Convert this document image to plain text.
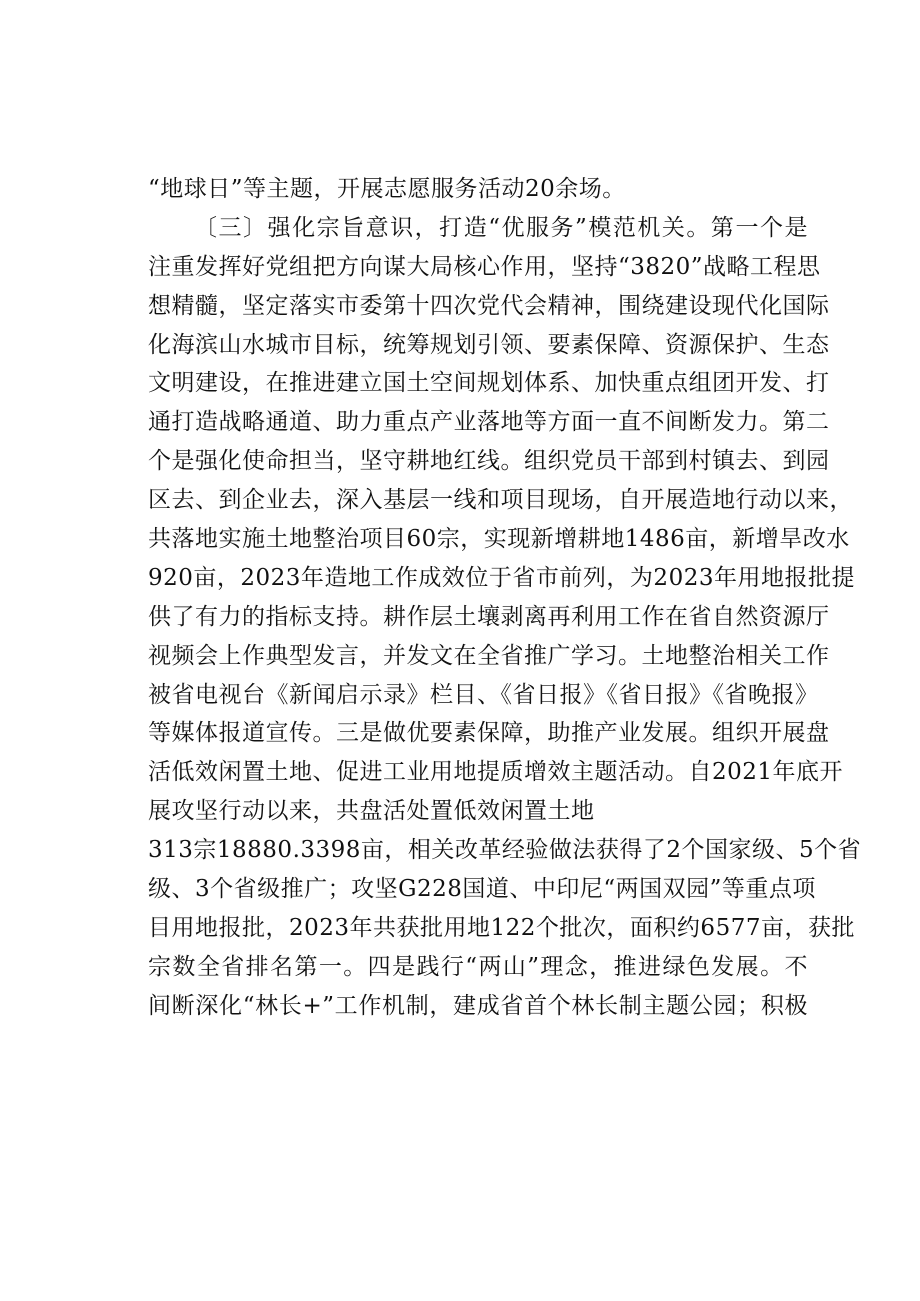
“地球日”等主题，开展志愿服务活动20余场。
〔三〕强化宗旨意识，打造“优服务”模范机关。第一个是
注重发挥好党组把方向谋大局核心作用，坚持“3820”战略工程思
想精髓，坚定落实市委第十四次党代会精神，围绕建设现代化国际
化海滨山水城市目标，统筹规划引领、要素保障、资源保护、生态
文明建设，在推进建立国土空间规划体系、加快重点组团开发、打
通打造战略通道、助力重点产业落地等方面一直不间断发力。第二
个是强化使命担当，坚守耕地红线。组织党员干部到村镇去、到园
区去、到企业去，深入基层一线和项目现场，自开展造地行动以来，
共落地实施土地整治项目60宗，实现新增耕地1486亩，新增旱改水
920亩，2023年造地工作成效位于省市前列，为2023年用地报批提
供了有力的指标支持。耕作层土壤剥离再利用工作在省自然资源厅
视频会上作典型发言，并发文在全省推广学习。土地整治相关工作
被省电视台《新闻启示录》栏目、《省日报》《省日报》《省晚报》
等媒体报道宣传。三是做优要素保障，助推产业发展。组织开展盘
活低效闲置土地、促进工业用地提质增效主题活动。自2021年底开
展攻坚行动以来，共盘活处置低效闲置土地
313宗18880.3398亩，相关改革经验做法获得了2个国家级、5个省
级、3个省级推广；攻坚G228国道、中印尼“两国双园”等重点项
目用地报批，2023年共获批用地122个批次，面积约6577亩，获批
宗数全省排名第一。四是践行“两山”理念，推进绿色发展。不
间断深化“林长+”工作机制，建成省首个林长制主题公园；积极
